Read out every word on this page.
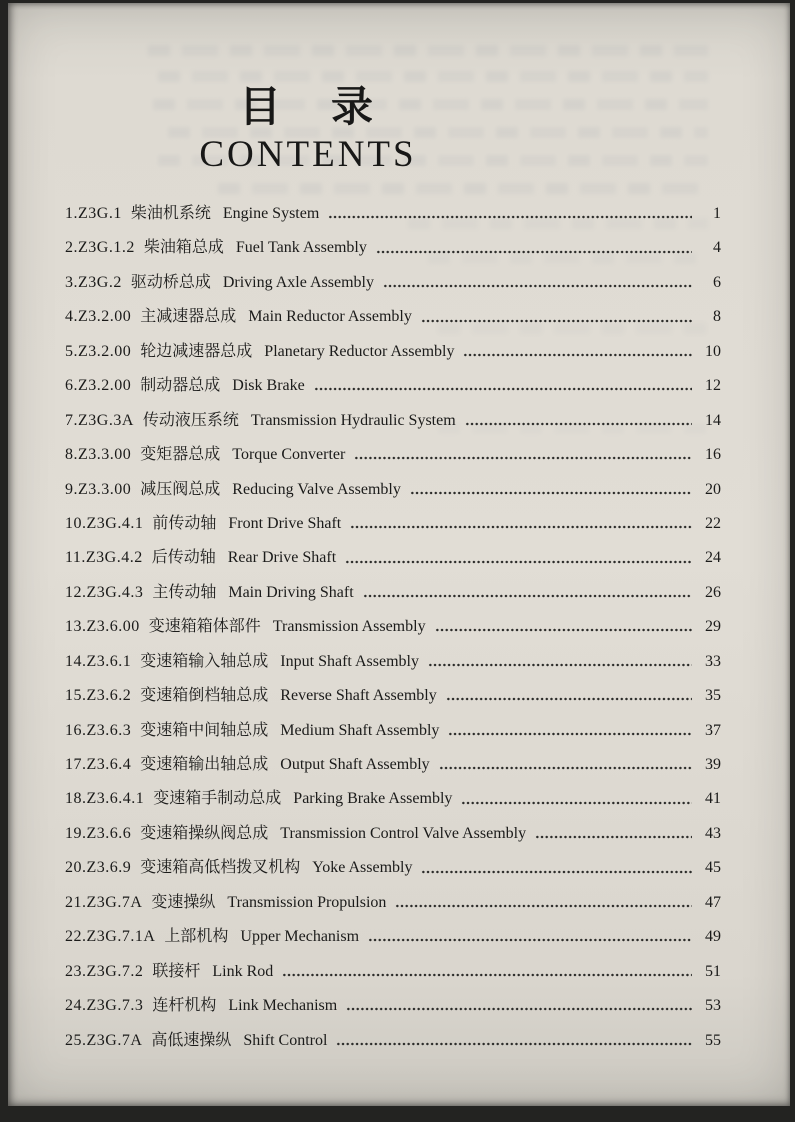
目　录
CONTENTS
1.Z3G.1 柴油机系统 Engine System	1
2.Z3G.1.2 柴油箱总成 Fuel Tank Assembly	4
3.Z3G.2 驱动桥总成 Driving Axle Assembly	6
4.Z3.2.00 主减速器总成 Main Reductor Assembly	8
5.Z3.2.00 轮边减速器总成 Planetary Reductor Assembly	10
6.Z3.2.00 制动器总成 Disk Brake	12
7.Z3G.3A 传动液压系统 Transmission Hydraulic System	14
8.Z3.3.00 变矩器总成 Torque Converter	16
9.Z3.3.00 减压阀总成 Reducing Valve Assembly	20
10.Z3G.4.1 前传动轴 Front Drive Shaft	22
11.Z3G.4.2 后传动轴 Rear Drive Shaft	24
12.Z3G.4.3 主传动轴 Main Driving Shaft	26
13.Z3.6.00 变速箱箱体部件 Transmission Assembly	29
14.Z3.6.1 变速箱输入轴总成 Input Shaft Assembly	33
15.Z3.6.2 变速箱倒档轴总成 Reverse Shaft Assembly	35
16.Z3.6.3 变速箱中间轴总成 Medium Shaft Assembly	37
17.Z3.6.4 变速箱输出轴总成 Output Shaft Assembly	39
18.Z3.6.4.1 变速箱手制动总成 Parking Brake Assembly	41
19.Z3.6.6 变速箱操纵阀总成 Transmission Control Valve Assembly	43
20.Z3.6.9 变速箱高低档拨叉机构 Yoke Assembly	45
21.Z3G.7A 变速操纵 Transmission Propulsion	47
22.Z3G.7.1A 上部机构 Upper Mechanism	49
23.Z3G.7.2 联接杆 Link Rod	51
24.Z3G.7.3 连杆机构 Link Mechanism	53
25.Z3G.7A 高低速操纵 Shift Control	55
